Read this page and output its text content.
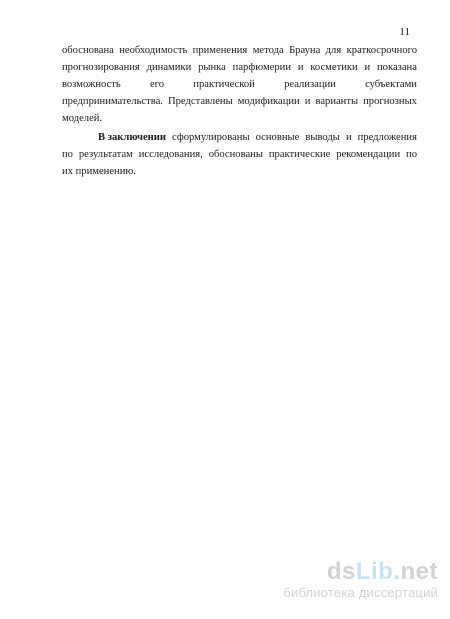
11
обоснована необходимость применения метода Брауна для краткосрочного
прогнозирования динамики рынка парфюмерии и косметики и показана
возможность	его	практической	реализации	субъектами
предпринимательства. Представлены модификации и варианты прогнозных
моделей.
В заключении сформулированы основные выводы и предложения
по результатам исследования, обоснованы практические рекомендации по
их применению.
dsLib.net
библиотека диссертаций
